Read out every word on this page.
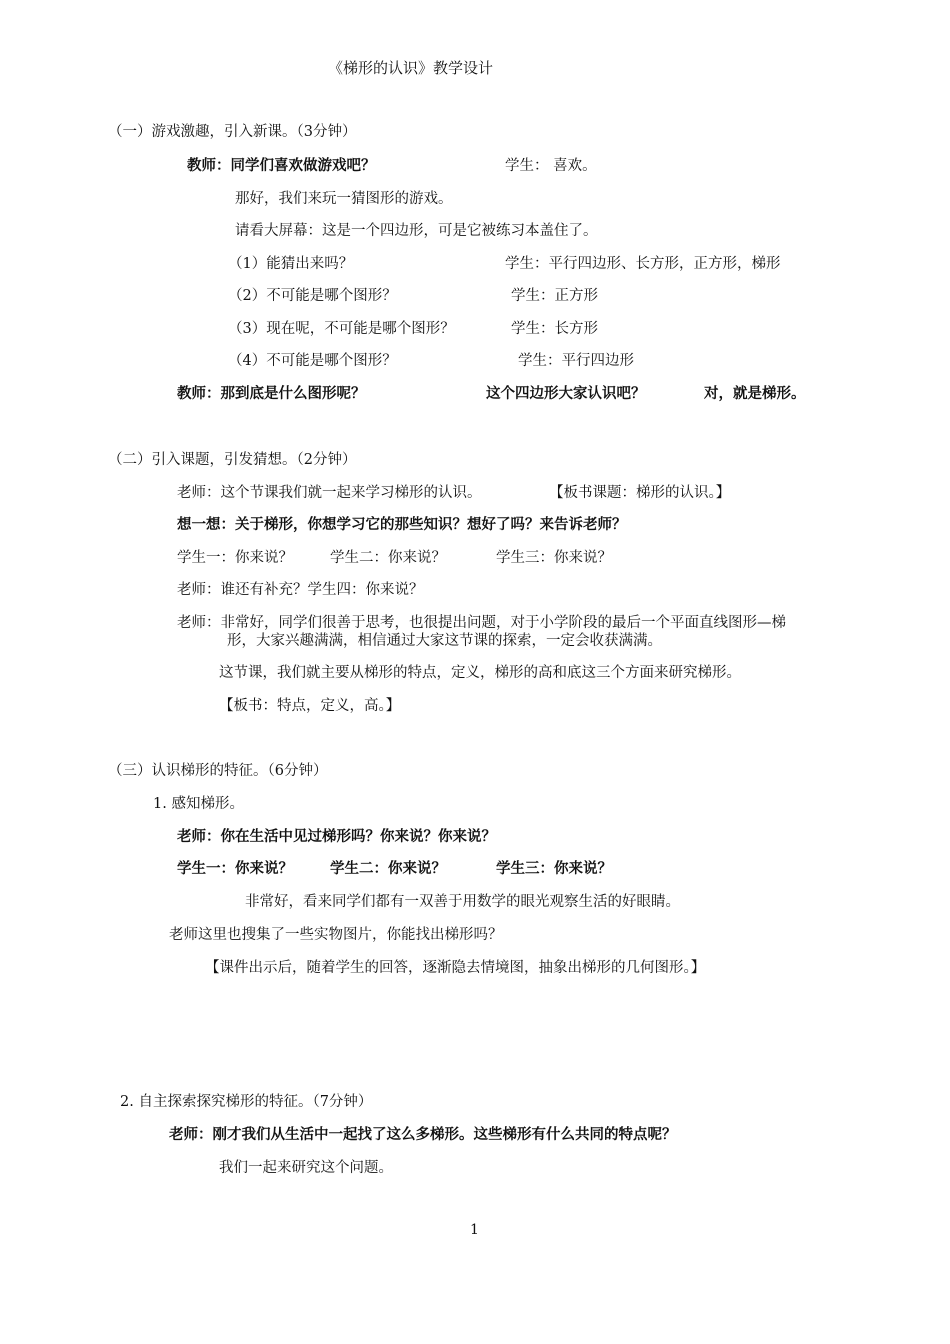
《梯形的认识》教学设计
（一）游戏激趣，引入新课。（3分钟）
教师：同学们喜欢做游戏吧？	学生： 喜欢。
那好，我们来玩一猜图形的游戏。
请看大屏幕：这是一个四边形，可是它被练习本盖住了。
（1）能猜出来吗？	学生：平行四边形、长方形，正方形，梯形
（2）不可能是哪个图形？	学生：正方形
（3）现在呢，不可能是哪个图形？	学生：长方形
（4）不可能是哪个图形？	学生：平行四边形
教师：那到底是什么图形呢？	这个四边形大家认识吧？	对，就是梯形。
（二）引入课题，引发猜想。（2分钟）
老师：这个节课我们就一起来学习梯形的认识。	【板书课题：梯形的认识。】
想一想：关于梯形，你想学习它的那些知识？想好了吗？来告诉老师？
学生一：你来说？	学生二：你来说？	学生三：你来说？
老师：谁还有补充？学生四：你来说？
老师：非常好，同学们很善于思考，也很提出问题，对于小学阶段的最后一个平面直线图形—梯
形，大家兴趣满满，相信通过大家这节课的探索，一定会收获满满。
这节课，我们就主要从梯形的特点，定义，梯形的高和底这三个方面来研究梯形。
【板书：特点，定义，高。】
（三）认识梯形的特征。（6分钟）
1. 感知梯形。
老师：你在生活中见过梯形吗？你来说？你来说？
学生一：你来说？	学生二：你来说？	学生三：你来说？
非常好，看来同学们都有一双善于用数学的眼光观察生活的好眼睛。
老师这里也搜集了一些实物图片，你能找出梯形吗？
【课件出示后，随着学生的回答，逐渐隐去情境图，抽象出梯形的几何图形。】
2. 自主探索探究梯形的特征。（7分钟）
老师：刚才我们从生活中一起找了这么多梯形。这些梯形有什么共同的特点呢？
我们一起来研究这个问题。
1
